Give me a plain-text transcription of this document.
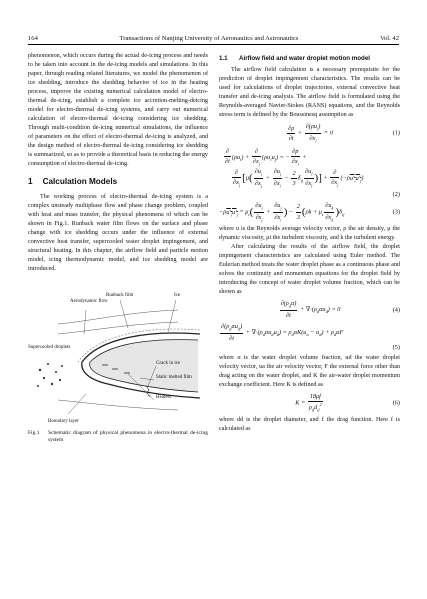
164	Transactions of Nanjing University of Aeronautics and Astronautics	Vol. 42

phenomenon, which occurs during the actual de-icing process and needs to be taken into account in the de-icing models and simulations. In this paper, through reading related literatures, we model the phenomenon of ice shedding, introduce the shedding behavior of ice in the heating process, improve the existing numerical calculation model of electro-thermal de-icing, establish a complete ice accretion-melting-deicing model for electro-thermal de-icing systems, and carry out numerical calculation of electro-thermal de-icing considering ice shedding. Through multi-condition de-icing numerical simulations, the influence of parameters on the effect of electro-thermal de-icing is analyzed, and the design method of electro-thermal de-icing considering ice shedding is summarized, so as to provide a theoretical basis in reducing the energy consumption of electro-thermal de-icing.

1 Calculation Models

The working process of electro-thermal de-icing system is a complex unsteady multiphase flow and phase change problem, coupled with heat and mass transfer, the physical phenomena of which can be shown in Fig.1. Runback water film flows on the surface and phase change with ice shedding occurs under the influence of external convective heat transfer, supercooled water droplet impingement, and structural heating. In this chapter, the airflow field and particle motion model, icing thermodynamic model, and ice shedding model are introduced.

Runback film	Ice
Aerodynamic flow
Supercooled droplets
Crack in ice
Static melted film
Heaters
Boundary layer
Fig.1	Schematic diagram of physical phenomena in electro-thermal de-icing system
1.1	Airflow field and water droplet motion model

The airflow field calculation is a necessary prerequisite for the prediction of droplet impingement characteristics. The results can be used for calculations of droplet trajectories, external convective heat transfer and de-icing analysis. The airflow field is formulated using the Reynolds-averaged Navier-Stokes (RANS) equations, and the Reynolds stress term is defined by the Boussinesq assumption as

$\frac{\partial\rho}{\partial t} + \frac{\partial(\rho u_i)}{\partial x_i} = 0$	(1)
$\frac{\partial}{\partial t} (\rho u_i) + \frac{\partial}{\partial x_j} (\rho u_iu_j)$ = − $\frac{\partial p}{\partial x_i}$ +
$\frac{\partial}{\partial x_j} [\mu( \frac{\partial u_i}{\partial x_j} + \frac{\partial u_j}{\partial x_i} - \frac{2}{3} \delta_{ij} \frac{\partial u_l}{\partial x_l}$ )] + $\frac{\partial}{\partial x_j} (-\rho u'_iu'_j)$
(2)
$-\rho u'_iu'_j = \mu_t( \frac{\partial u_i}{\partial x_j} + \frac{\partial u_j}{\partial x_i}$ ) − $\frac{2}{3} (\rho k + \mu_t \frac{\partial u_k}{\partial x_k} )\delta_{ij}$	(3)

where u is the Reynolds average velocity vector, ρ the air density, μ the dynamic viscosity, μt the turbulent viscosity, and k the turbulent energy.

After calculating the results of the airflow field, the droplet impingement characteristics are calculated using Euler method. The Eulerian method treats the water droplet phase as a continuous phase and solves the continuity and momentum equations for the droplet field by introducing the concept of water droplet volume fraction, which can be shown as

$\frac{\partial(\rho_d\alpha)}{\partial t} + \nabla\cdot(\rho_d\alpha u_d) = 0$	(4)
$\frac{\partial(\rho_d\alpha u_d)}{\partial t} + \nabla\cdot(\rho_d\alpha u_du_d) = \rho_d\alpha K(u_a - u_d) + \rho_d\alpha F$
(5)

where α is the water droplet volume fraction, ud the water droplet velocity vector, ua the air velocity vector, F the external force other than drag acting on the water droplet, and K the air-water droplet momentum exchange coefficient. Here K is defined as

$K = \frac{18\mu f}{\rho_dd_d^2}$	(6)

where dd is the droplet diameter, and f the drag function. Here f is calculated as
